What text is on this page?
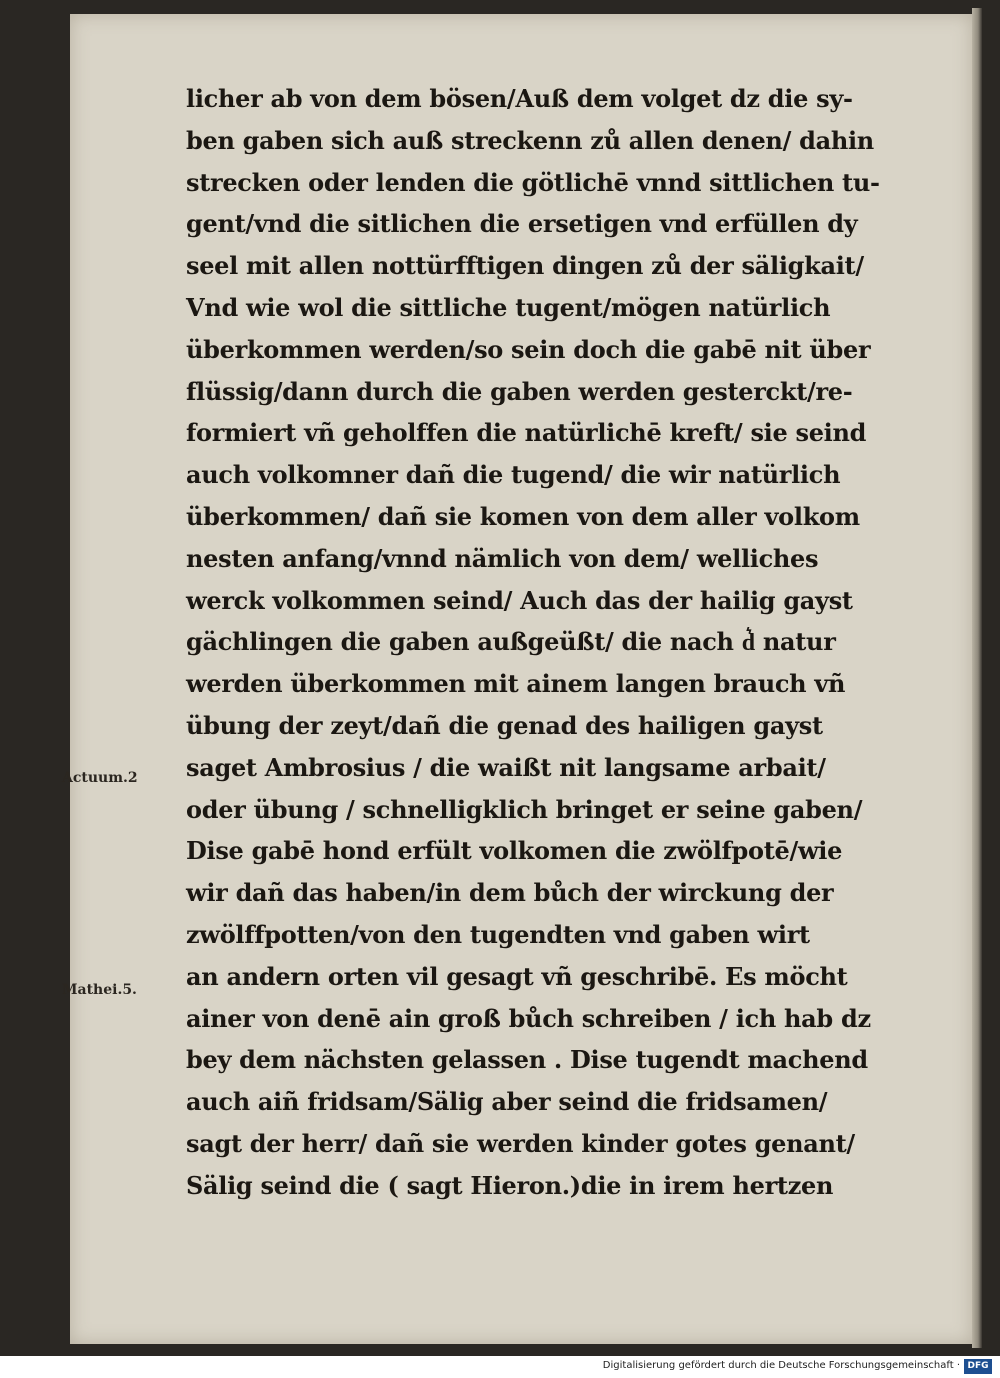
licher ab von dem bösen/Auß dem volget dz die sy-
ben gaben sich auß streckenn zů allen denen/ dahin
strecken oder lenden die götlichē vnnd sittlichen tu-
gent/vnd die sitlichen die ersetigen vnd erfüllen dy
seel mit allen nottürfftigen dingen zů der säligkait/
Vnd wie wol die sittliche tugent/mögen natürlich
überkommen werden/so sein doch die gabē nit über
flüssig/dann durch die gaben werden gesterckt/re-
formiert vñ geholffen die natürlichē kreft/ sie seind
auch volkomner dañ die tugend/ die wir natürlich
überkommen/ dañ sie komen von dem aller volkom
nesten anfang/vnnd nämlich von dem/ welliches
werck volkommen seind/ Auch das der hailig gayst
gächlingen die gaben außgeüßt/ die nach d͛ natur
werden überkommen mit ainem langen brauch vñ
übung der zeyt/dañ die genad des hailigen gayst
saget Ambrosius / die waißt nit langsame arbait/
oder übung / schnelligklich bringet er seine gaben/
Dise gabē hond erfült volkomen die zwölfpotē/wie
wir dañ das haben/in dem bůch der wirckung der
zwölffpotten/von den tugendten vnd gaben wirt
an andern orten vil gesagt vñ geschribē. Es möcht
ainer von denē ain groß bůch schreiben / ich hab dz
bey dem nächsten gelassen . Dise tugendt machend
auch aiñ fridsam/Sälig aber seind die fridsamen/
sagt der herr/ dañ sie werden kinder gotes genant/
Sälig seind die ( sagt Hieron.)die in irem hertzen
Actuum.2
Mathei.5.
Digitalisierung gefördert durch die Deutsche Forschungsgemeinschaft · DFG
